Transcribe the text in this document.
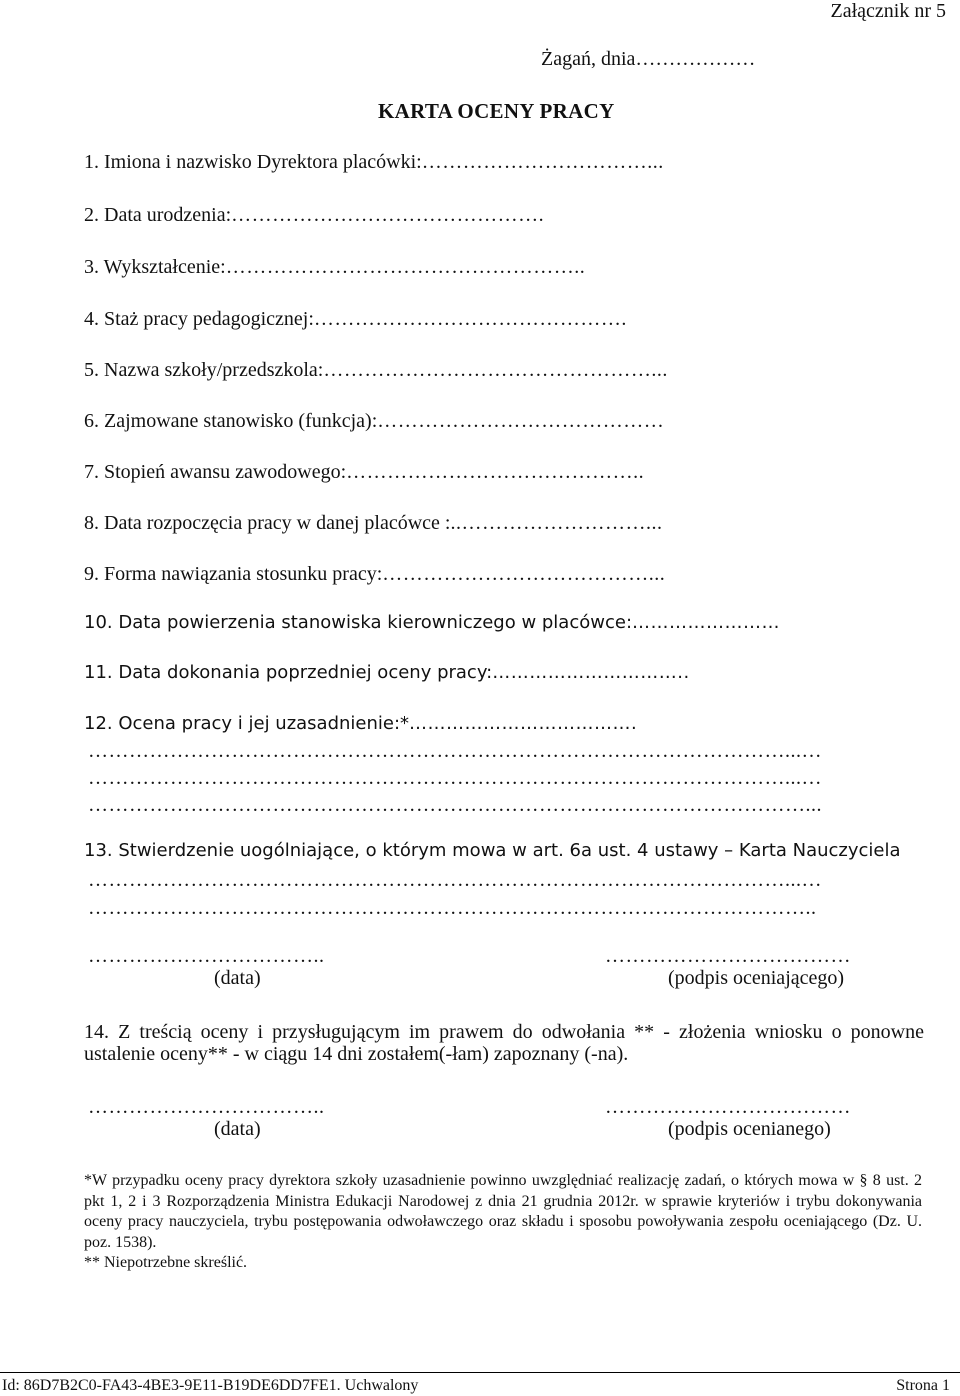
Załącznik nr 5
Żagań, dnia………………
KARTA OCENY PRACY
1. Imiona i nazwisko Dyrektora placówki:……………………………...
2. Data urodzenia:……………………………………….
3. Wykształcenie:……………………………………………..
4. Staż pracy pedagogicznej:……………………………………….
5. Nazwa szkoły/przedszkola:…………………………………………...
6. Zajmowane stanowisko (funkcja):……………………………………
7. Stopień awansu zawodowego:……………………………………..
8. Data rozpoczęcia pracy w danej placówce :..………………………...
9. Forma nawiązania stosunku pracy:…………………………………...
10. Data powierzenia stanowiska kierowniczego w placówce:……………………
11. Data dokonania poprzedniej oceny pracy:…………………………..
12. Ocena pracy i jej uzasadnienie:*……………………………….
…………………………………………………………………………………………...…
…………………………………………………………………………………………...…
……………………………………………………………………………………………...
13. Stwierdzenie uogólniające, o którym mowa w art. 6a ust. 4 ustawy – Karta Nauczyciela
…………………………………………………………………………………………...…
……………………………………………………………………………………………..
……………………………..	………………………………
(data)	(podpis oceniającego)
14. Z treścią oceny i przysługującym im prawem do odwołania ** - złożenia wniosku o ponowne ustalenie oceny** - w ciągu 14 dni zostałem(-łam) zapoznany (-na).
……………………………..	………………………………
(data)	(podpis ocenianego)
*W przypadku oceny pracy dyrektora szkoły uzasadnienie powinno uwzględniać realizację zadań, o których mowa w § 8 ust. 2 pkt 1, 2 i 3 Rozporządzenia Ministra Edukacji Narodowej z dnia 21 grudnia 2012r. w sprawie kryteriów i trybu dokonywania oceny pracy nauczyciela, trybu postępowania odwoławczego oraz składu i sposobu powoływania zespołu oceniającego (Dz. U. poz. 1538).
** Niepotrzebne skreślić.
Id: 86D7B2C0-FA43-4BE3-9E11-B19DE6DD7FE1. Uchwalony	Strona 1
